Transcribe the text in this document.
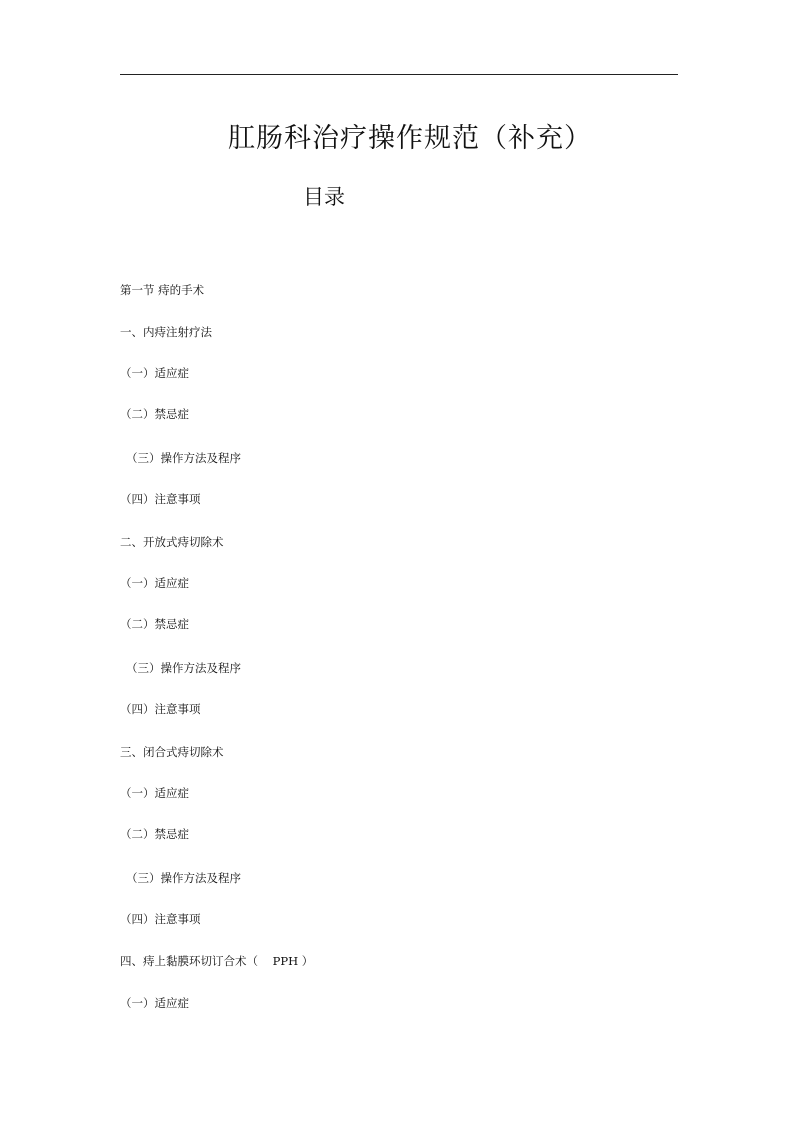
肛肠科治疗操作规范（补充）
目录
第一节 痔的手术
一、内痔注射疗法
（一）适应症
（二）禁忌症
（三）操作方法及程序
（四）注意事项
二、开放式痔切除术
（一）适应症
（二）禁忌症
（三）操作方法及程序
（四）注意事项
三、闭合式痔切除术
（一）适应症
（二）禁忌症
（三）操作方法及程序
（四）注意事项
四、痔上黏膜环切订合术（    PPH ）
（一）适应症
